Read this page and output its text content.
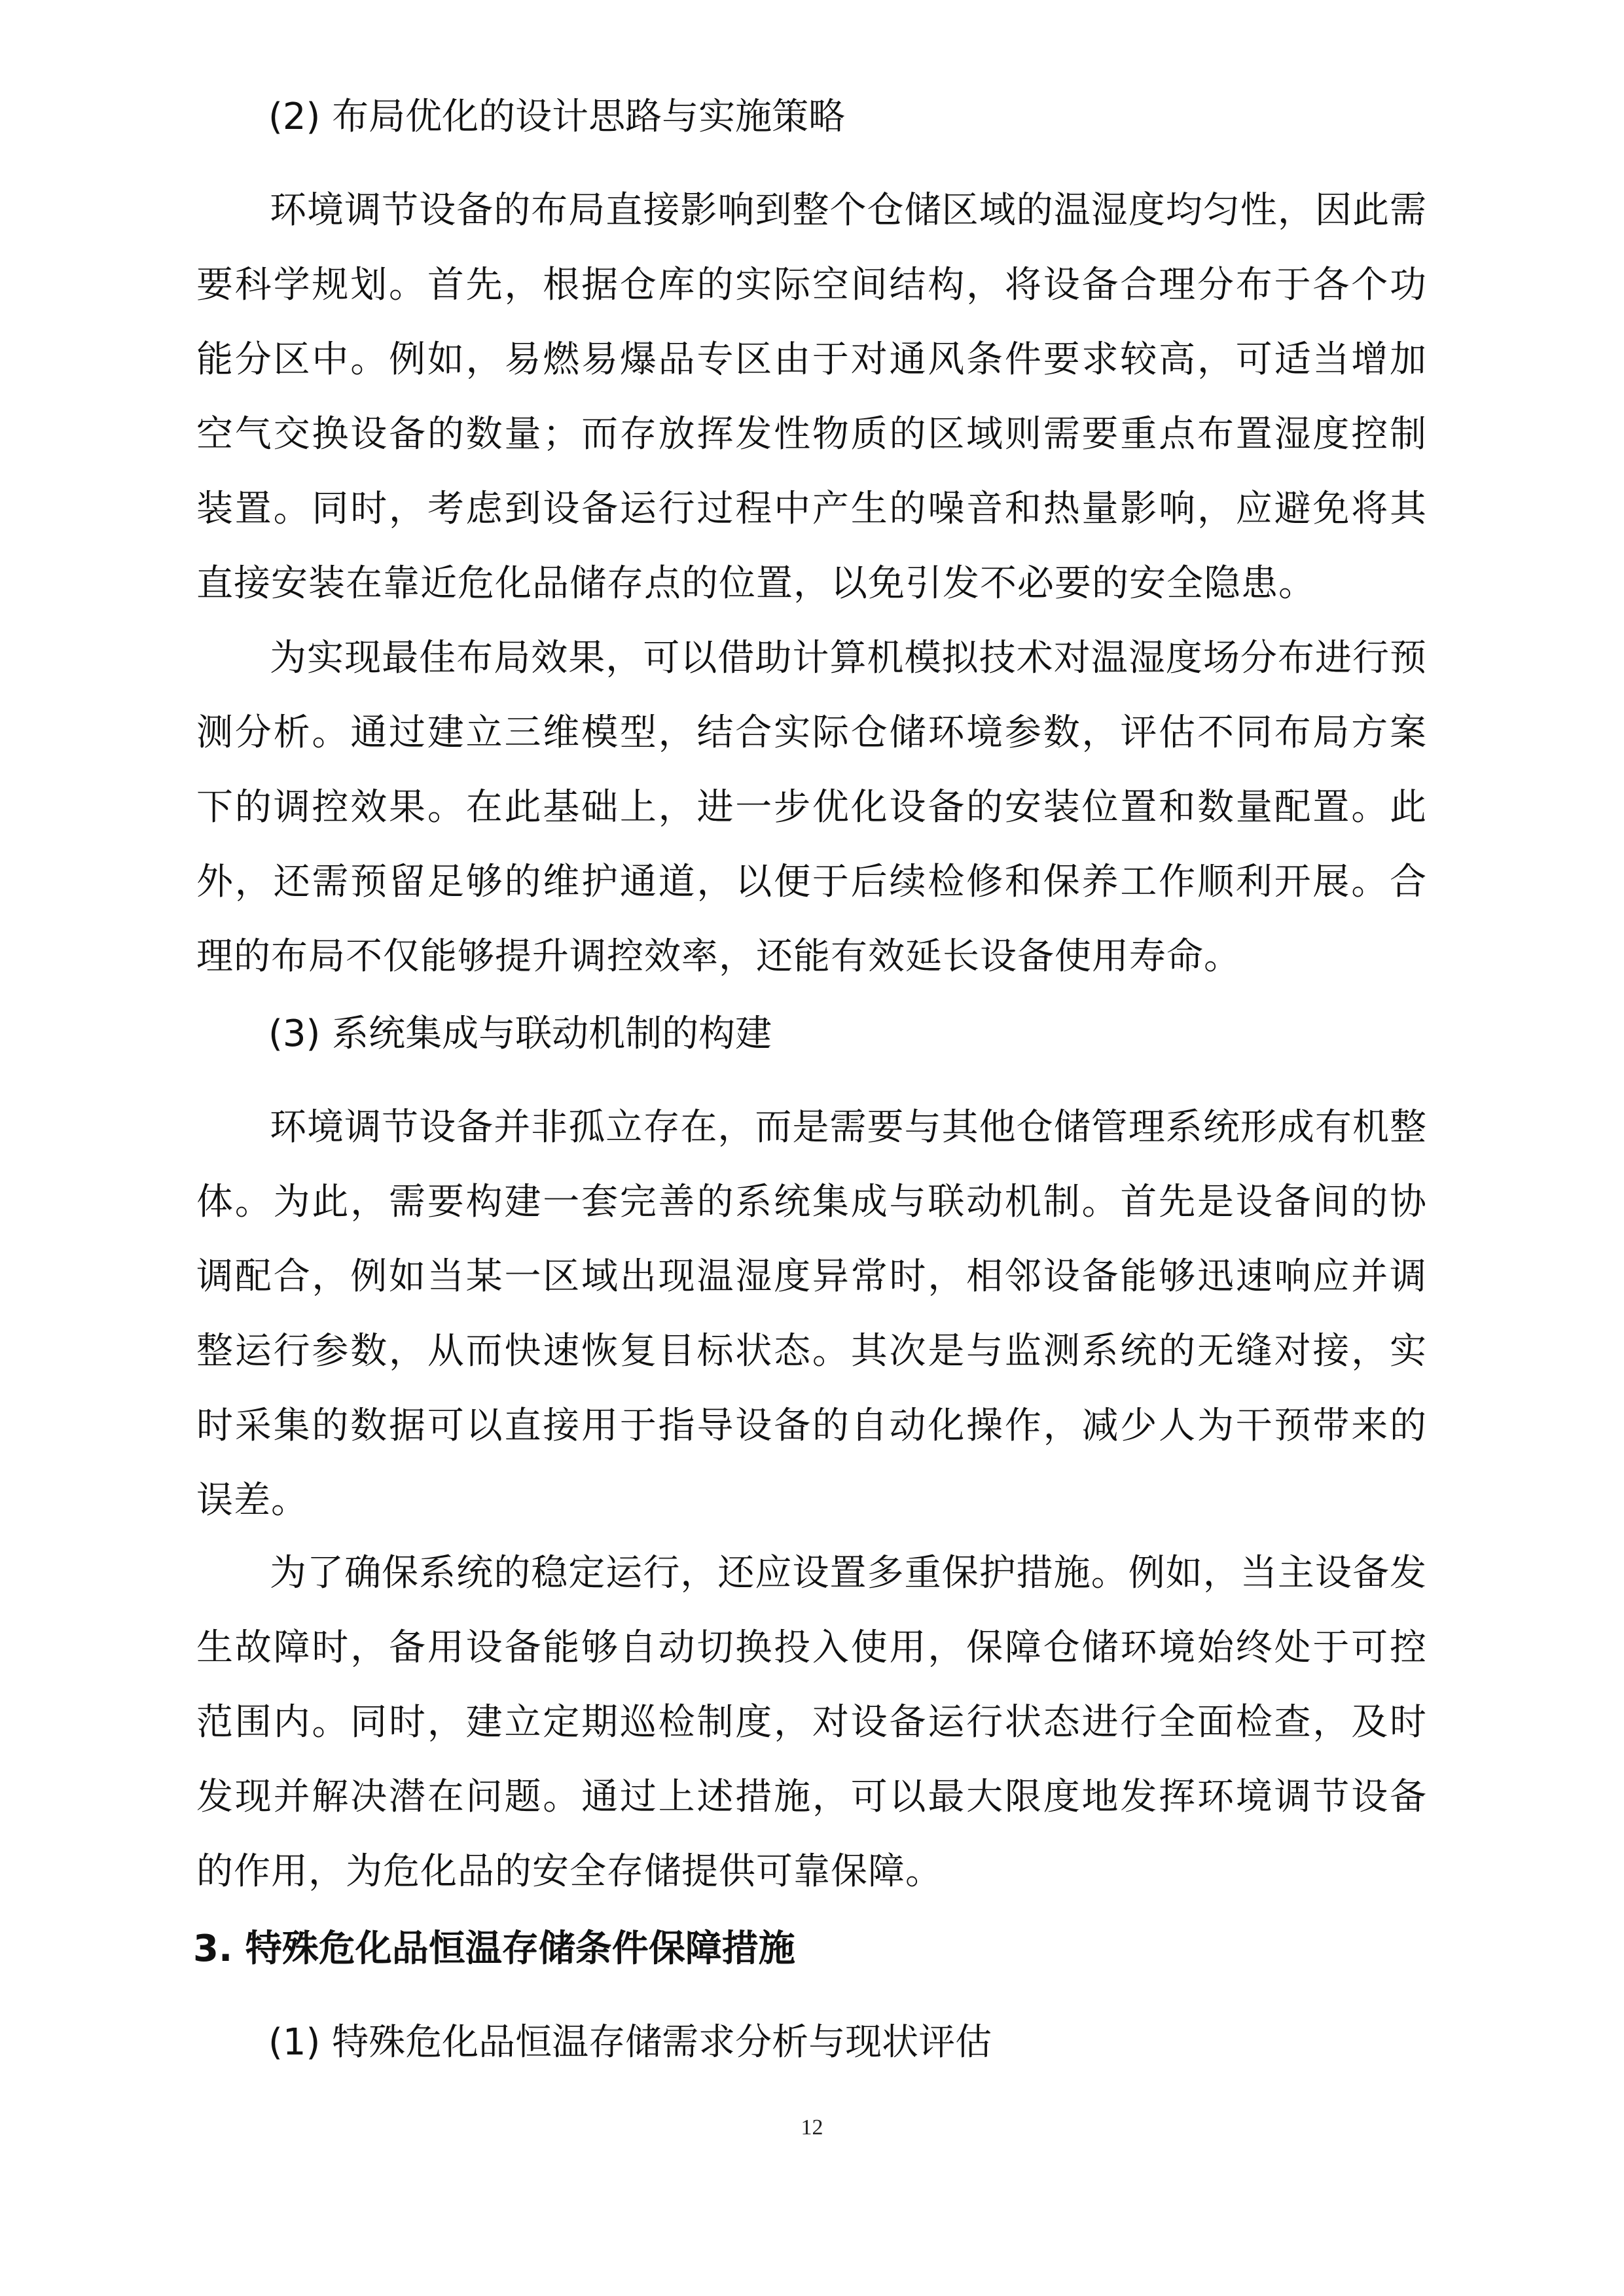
(2) 布局优化的设计思路与实施策略

环境调节设备的布局直接影响到整个仓储区域的温湿度均匀性，因此需要科学规划。首先，根据仓库的实际空间结构，将设备合理分布于各个功能分区中。例如，易燃易爆品专区由于对通风条件要求较高，可适当增加空气交换设备的数量；而存放挥发性物质的区域则需要重点布置湿度控制装置。同时，考虑到设备运行过程中产生的噪音和热量影响，应避免将其直接安装在靠近危化品储存点的位置，以免引发不必要的安全隐患。

为实现最佳布局效果，可以借助计算机模拟技术对温湿度场分布进行预测分析。通过建立三维模型，结合实际仓储环境参数，评估不同布局方案下的调控效果。在此基础上，进一步优化设备的安装位置和数量配置。此外，还需预留足够的维护通道，以便于后续检修和保养工作顺利开展。合理的布局不仅能够提升调控效率，还能有效延长设备使用寿命。

(3) 系统集成与联动机制的构建

环境调节设备并非孤立存在，而是需要与其他仓储管理系统形成有机整体。为此，需要构建一套完善的系统集成与联动机制。首先是设备间的协调配合，例如当某一区域出现温湿度异常时，相邻设备能够迅速响应并调整运行参数，从而快速恢复目标状态。其次是与监测系统的无缝对接，实时采集的数据可以直接用于指导设备的自动化操作，减少人为干预带来的误差。

为了确保系统的稳定运行，还应设置多重保护措施。例如，当主设备发生故障时，备用设备能够自动切换投入使用，保障仓储环境始终处于可控范围内。同时，建立定期巡检制度，对设备运行状态进行全面检查，及时发现并解决潜在问题。通过上述措施，可以最大限度地发挥环境调节设备的作用，为危化品的安全存储提供可靠保障。

3. 特殊危化品恒温存储条件保障措施

(1) 特殊危化品恒温存储需求分析与现状评估

12
